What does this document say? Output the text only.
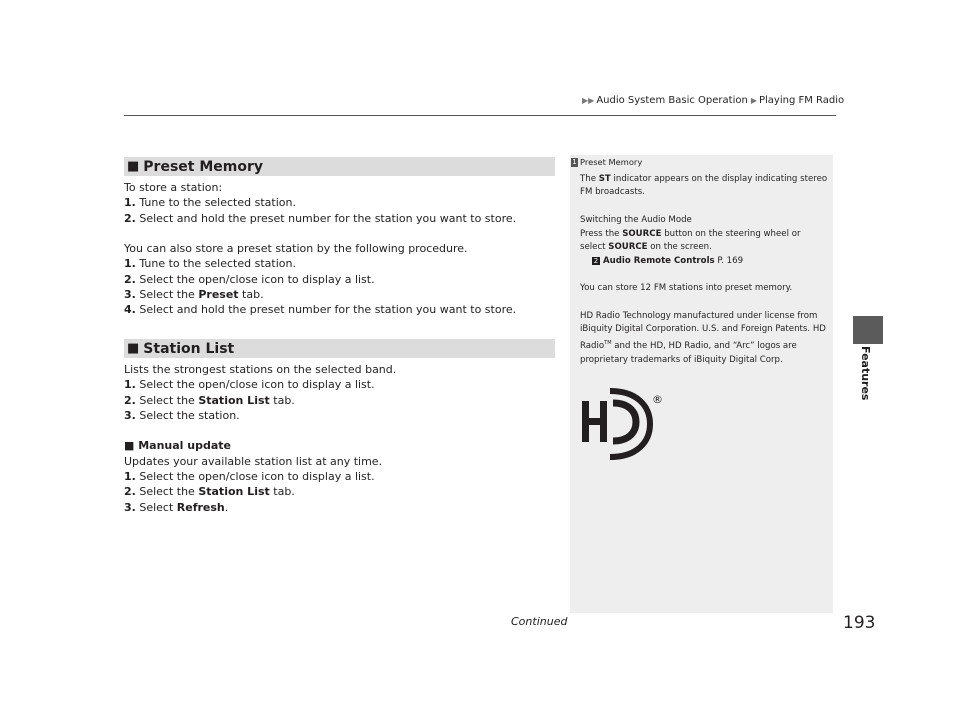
▶▶ Audio System Basic Operation ▶ Playing FM Radio
■ Preset Memory

To store a station:

1. Tune to the selected station.

2. Select and hold the preset number for the station you want to store.

You can also store a preset station by the following procedure.

1. Tune to the selected station.

2. Select the open/close icon to display a list.

3. Select the Preset tab.

4. Select and hold the preset number for the station you want to store.

■ Station List

Lists the strongest stations on the selected band.

1. Select the open/close icon to display a list.

2. Select the Station List tab.

3. Select the station.

■ Manual update

Updates your available station list at any time.

1. Select the open/close icon to display a list.

2. Select the Station List tab.

3. Select Refresh.

1 Preset Memory

The ST indicator appears on the display indicating stereo FM broadcasts.

Switching the Audio Mode

Press the SOURCE button on the steering wheel or select SOURCE on the screen.

2 Audio Remote Controls P. 169

You can store 12 FM stations into preset memory.

HD Radio Technology manufactured under license from iBiquity Digital Corporation. U.S. and Foreign Patents. HD Radio™ and the HD, HD Radio, and “Arc” logos are proprietary trademarks of iBiquity Digital Corp.

®	Features
Continued	193
